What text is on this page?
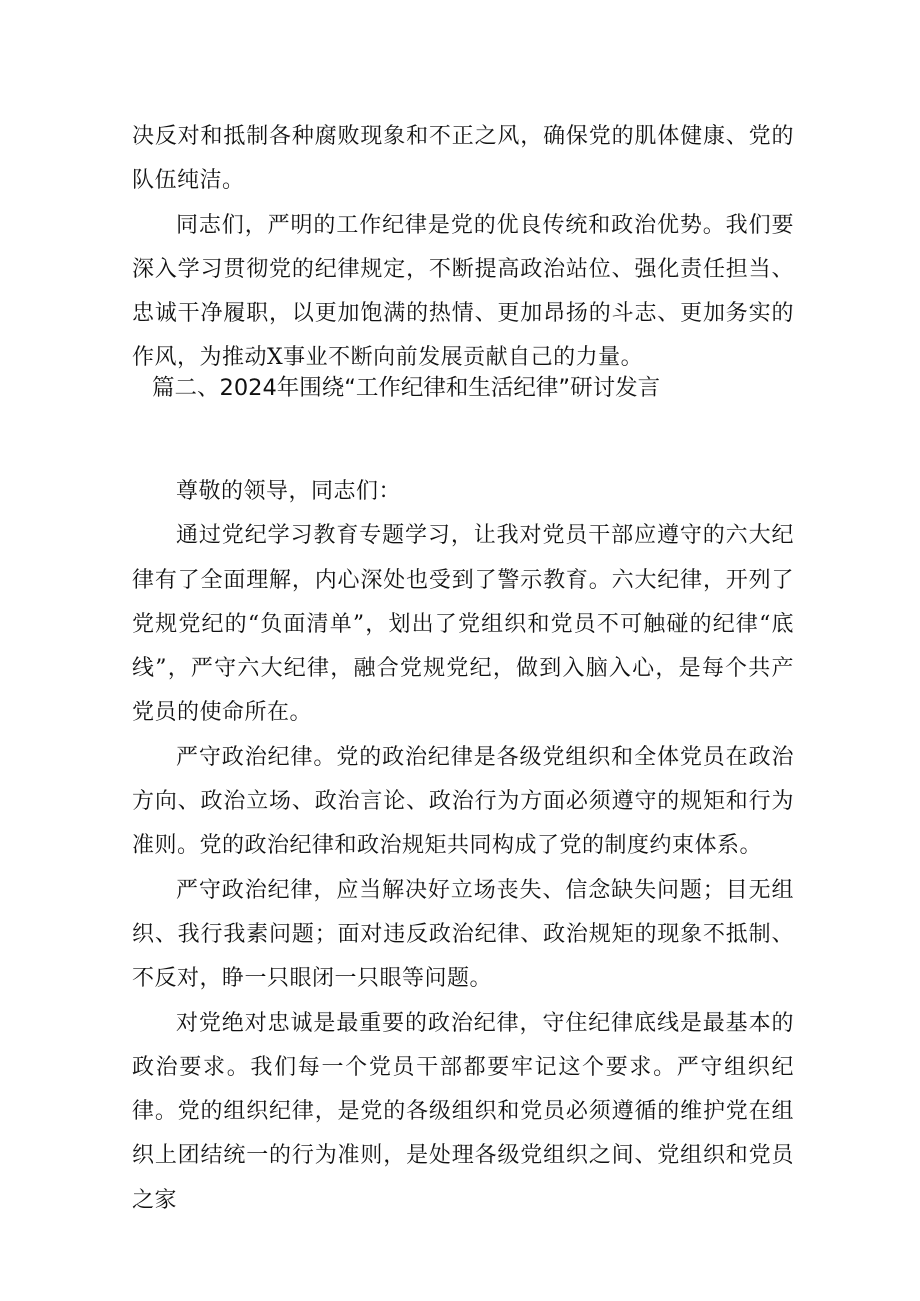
决反对和抵制各种腐败现象和不正之风，确保党的肌体健康、党的队伍纯洁。

同志们，严明的工作纪律是党的优良传统和政治优势。我们要深入学习贯彻党的纪律规定，不断提高政治站位、强化责任担当、忠诚干净履职，以更加饱满的热情、更加昂扬的斗志、更加务实的作风，为推动X事业不断向前发展贡献自己的力量。

篇二、2024年围绕“工作纪律和生活纪律”研讨发言

尊敬的领导，同志们：

通过党纪学习教育专题学习，让我对党员干部应遵守的六大纪律有了全面理解，内心深处也受到了警示教育。六大纪律，开列了党规党纪的“负面清单”，划出了党组织和党员不可触碰的纪律“底线”，严守六大纪律，融合党规党纪，做到入脑入心，是每个共产党员的使命所在。

严守政治纪律。党的政治纪律是各级党组织和全体党员在政治方向、政治立场、政治言论、政治行为方面必须遵守的规矩和行为准则。党的政治纪律和政治规矩共同构成了党的制度约束体系。

严守政治纪律，应当解决好立场丧失、信念缺失问题；目无组织、我行我素问题；面对违反政治纪律、政治规矩的现象不抵制、不反对，睁一只眼闭一只眼等问题。

对党绝对忠诚是最重要的政治纪律，守住纪律底线是最基本的政治要求。我们每一个党员干部都要牢记这个要求。严守组织纪律。党的组织纪律，是党的各级组织和党员必须遵循的维护党在组织上团结统一的行为准则，是处理各级党组织之间、党组织和党员之家
